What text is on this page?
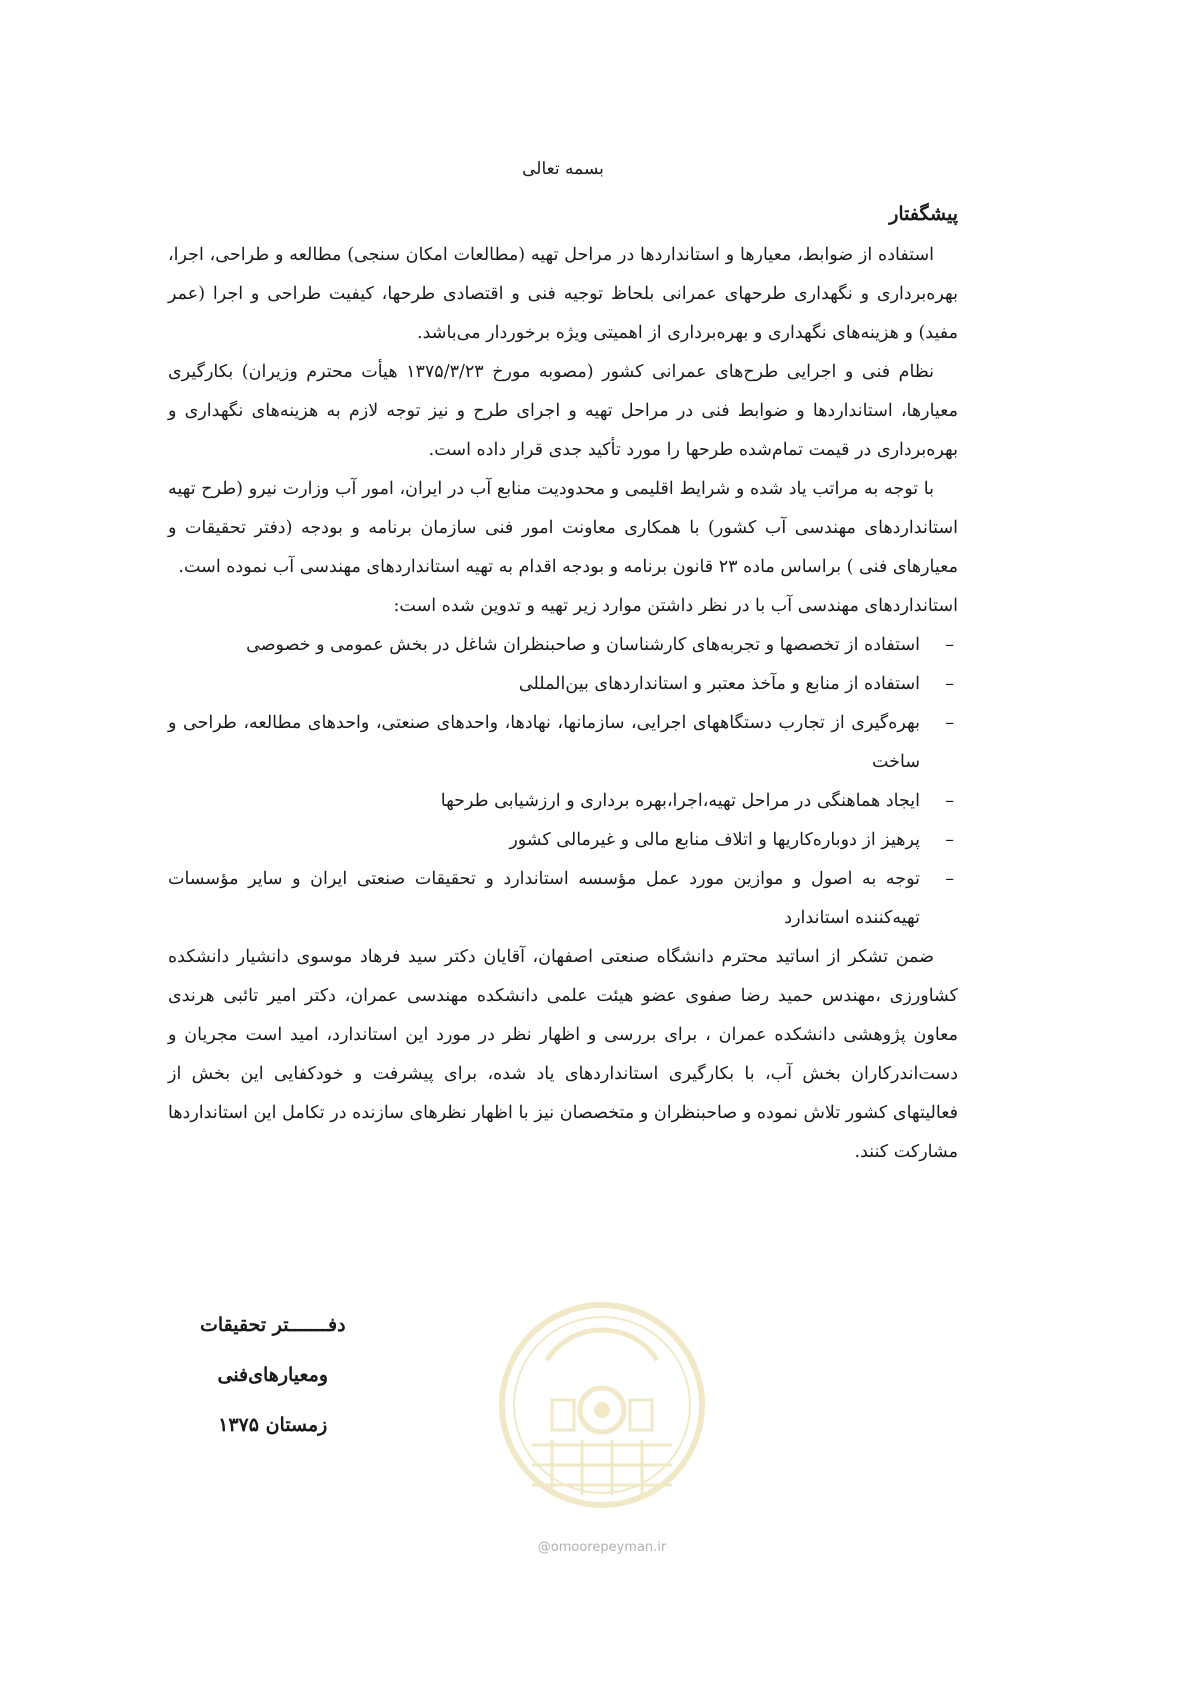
بسمه تعالی
پیشگفتار

استفاده از ضوابط، معیارها و استانداردها در مراحل تهیه (مطالعات امکان سنجی) مطالعه و طراحی، اجرا، بهره‌برداری و نگهداری طرحهای عمرانی بلحاظ توجیه فنی و اقتصادی طرحها، کیفیت طراحی و اجرا (عمر مفید) و هزینه‌های نگهداری و بهره‌برداری از اهمیتی ویژه برخوردار می‌باشد.

نظام فنی و اجرایی طرح‌های عمرانی کشور (مصوبه مورخ ۱۳۷۵/۳/۲۳ هیأت محترم وزیران) بکارگیری معیارها، استانداردها و ضوابط فنی در مراحل تهیه و اجرای طرح و نیز توجه لازم به هزینه‌های نگهداری و بهره‌برداری در قیمت تمام‌شده طرحها را مورد تأکید جدی قرار داده است.

با توجه به مراتب یاد شده و شرایط اقلیمی و محدودیت منابع آب در ایران، امور آب وزارت نیرو (طرح تهیه استانداردهای مهندسی آب کشور) با همکاری معاونت امور فنی سازمان برنامه و بودجه (دفتر تحقیقات و معیارهای فنی ) براساس ماده ۲۳ قانون برنامه و بودجه اقدام به تهیه استانداردهای مهندسی آب نموده است.

استانداردهای مهندسی آب با در نظر داشتن موارد زیر تهیه و تدوین شده است:

– استفاده از تخصصها و تجربه‌های کارشناسان و صاحبنظران شاغل در بخش عمومی و خصوصی
– استفاده از منابع و مآخذ معتبر و استانداردهای بین‌المللی
– بهره‌گیری از تجارب دستگاههای اجرایی، سازمانها، نهادها، واحدهای صنعتی، واحدهای مطالعه، طراحی و ساخت
– ایجاد هماهنگی در مراحل تهیه،اجرا،بهره برداری و ارزشیابی طرحها
– پرهیز از دوباره‌کاریها و اتلاف منابع مالی و غیرمالی کشور
– توجه به اصول و موازین مورد عمل مؤسسه استاندارد و تحقیقات صنعتی ایران و سایر مؤسسات تهیه‌کننده استاندارد

ضمن تشکر از اساتید محترم دانشگاه صنعتی اصفهان، آقایان دکتر سید فرهاد موسوی دانشیار دانشکده کشاورزی ،مهندس حمید رضا صفوی عضو هیئت علمی دانشکده مهندسی عمران، دکتر امیر تائبی هرندی معاون پژوهشی دانشکده عمران ، برای بررسی و اظهار نظر در مورد این استاندارد، امید است مجریان و دست‌اندرکاران بخش آب، با بکارگیری استانداردهای یاد شده، برای پیشرفت و خودکفایی این بخش از فعالیتهای کشور تلاش نموده و صاحبنظران و متخصصان نیز با اظهار نظرهای سازنده در تکامل این استانداردها مشارکت کنند.

دفـــــــتر تحقیقات
ومعیارهای‌فنی
زمستان ۱۳۷۵
@omoorepeyman.ir
